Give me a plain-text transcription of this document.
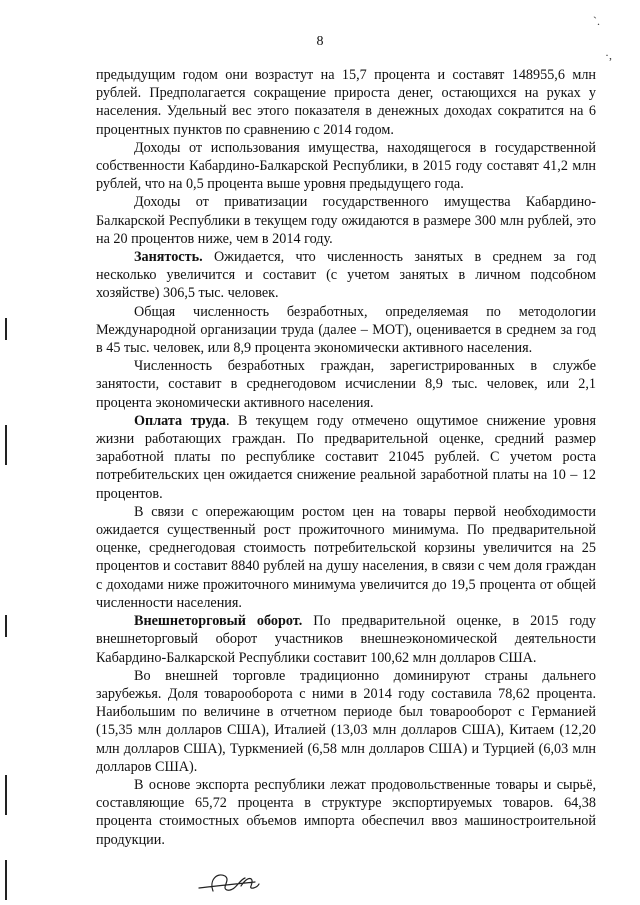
8
ˋ.
·,

предыдущим годом они возрастут на 15,7 процента и составят 148955,6 млн рублей. Предполагается сокращение прироста денег, остающихся на руках у населения. Удельный вес этого показателя в денежных доходах сократится на 6 процентных пунктов по сравнению с 2014 годом.

Доходы от использования имущества, находящегося в государственной собственности Кабардино-Балкарской Республики, в 2015 году составят 41,2 млн рублей, что на 0,5 процента выше уровня предыдущего года.

Доходы от приватизации государственного имущества Кабардино-Балкарской Республики в текущем году ожидаются в размере 300 млн рублей, это на 20 процентов ниже, чем в 2014 году.

Занятость. Ожидается, что численность занятых в среднем за год несколько увеличится и составит (с учетом занятых в личном подсобном хозяйстве) 306,5 тыс. человек.

Общая численность безработных, определяемая по методологии Международной организации труда (далее – МОТ), оценивается в среднем за год в 45 тыс. человек, или 8,9 процента экономически активного населения.

Численность безработных граждан, зарегистрированных в службе занятости, составит в среднегодовом исчислении 8,9 тыс. человек, или 2,1 процента экономически активного населения.

Оплата труда. В текущем году отмечено ощутимое снижение уровня жизни работающих граждан. По предварительной оценке, средний размер заработной платы по республике составит 21045 рублей. С учетом роста потребительских цен ожидается снижение реальной заработной платы на 10 – 12 процентов.

В связи с опережающим ростом цен на товары первой необходимости ожидается существенный рост прожиточного минимума. По предварительной оценке, среднегодовая стоимость потребительской корзины увеличится на 25 процентов и составит 8840 рублей на душу населения, в связи с чем доля граждан с доходами ниже прожиточного минимума увеличится до 19,5 процента от общей численности населения.

Внешнеторговый оборот. По предварительной оценке, в 2015 году внешнеторговый оборот участников внешнеэкономической деятельности Кабардино-Балкарской Республики составит 100,62 млн долларов США.

Во внешней торговле традиционно доминируют страны дальнего зарубежья. Доля товарооборота с ними в 2014 году составила 78,62 процента. Наибольшим по величине в отчетном периоде был товарооборот с Германией (15,35 млн долларов США), Италией (13,03 млн долларов США), Китаем (12,20 млн долларов США), Туркменией (6,58 млн долларов США) и Турцией (6,03 млн долларов США).

В основе экспорта республики лежат продовольственные товары и сырьё, составляющие 65,72 процента в структуре экспортируемых товаров. 64,38 процента стоимостных объемов импорта обеспечил ввоз машиностроительной продукции.
